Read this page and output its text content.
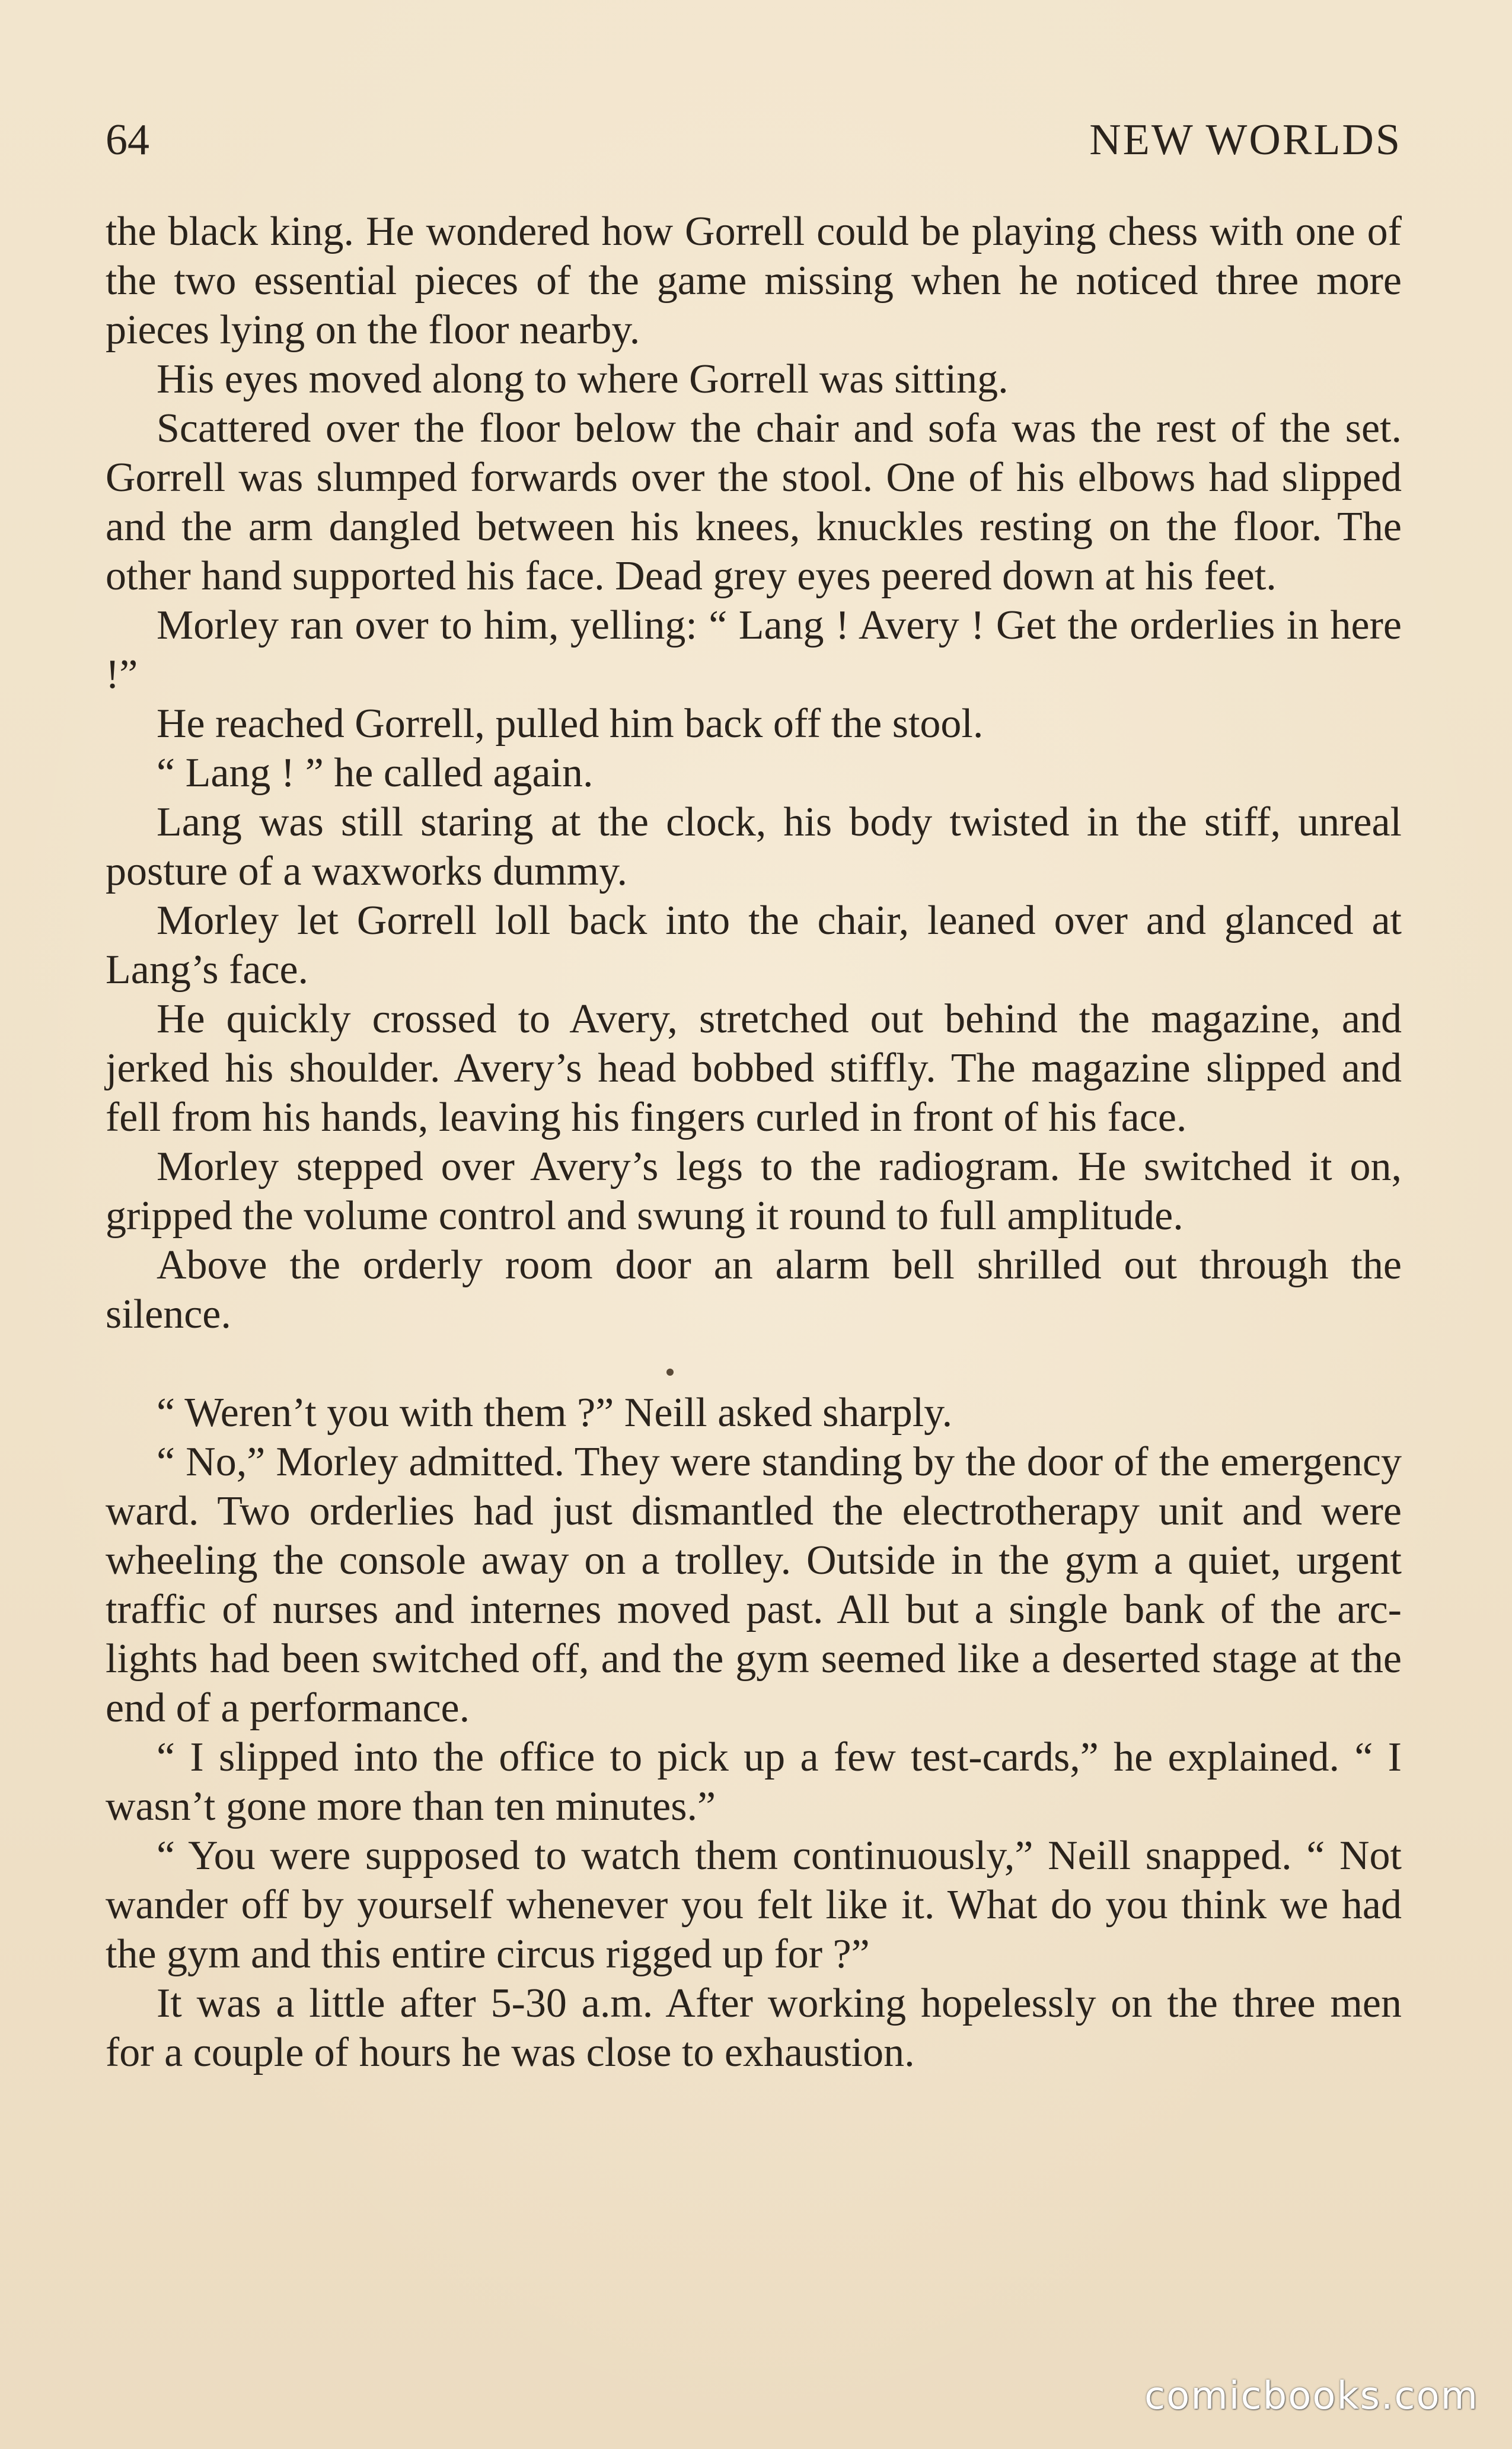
64	NEW WORLDS

the black king. He wondered how Gorrell could be playing chess with one of the two essential pieces of the game missing when he noticed three more pieces lying on the floor nearby.

His eyes moved along to where Gorrell was sitting.

Scattered over the floor below the chair and sofa was the rest of the set. Gorrell was slumped forwards over the stool. One of his elbows had slipped and the arm dangled between his knees, knuckles resting on the floor. The other hand supported his face. Dead grey eyes peered down at his feet.

Morley ran over to him, yelling: “ Lang ! Avery ! Get the orderlies in here !”

He reached Gorrell, pulled him back off the stool.

“ Lang ! ” he called again.

Lang was still staring at the clock, his body twisted in the stiff, unreal posture of a waxworks dummy.

Morley let Gorrell loll back into the chair, leaned over and glanced at Lang’s face.

He quickly crossed to Avery, stretched out behind the magazine, and jerked his shoulder. Avery’s head bobbed stiffly. The magazine slipped and fell from his hands, leaving his fingers curled in front of his face.

Morley stepped over Avery’s legs to the radiogram. He switched it on, gripped the volume control and swung it round to full amplitude.

Above the orderly room door an alarm bell shrilled out through the silence.

“ Weren’t you with them ?” Neill asked sharply.

“ No,” Morley admitted. They were standing by the door of the emergency ward. Two orderlies had just dismantled the electrotherapy unit and were wheeling the console away on a trolley. Outside in the gym a quiet, urgent traffic of nurses and internes moved past. All but a single bank of the arc-lights had been switched off, and the gym seemed like a deserted stage at the end of a performance.

“ I slipped into the office to pick up a few test-cards,” he explained. “ I wasn’t gone more than ten minutes.”

“ You were supposed to watch them continuously,” Neill snapped. “ Not wander off by yourself whenever you felt like it. What do you think we had the gym and this entire circus rigged up for ?”

It was a little after 5-30 a.m. After working hopelessly on the three men for a couple of hours he was close to exhaustion.

comicbooks.com
